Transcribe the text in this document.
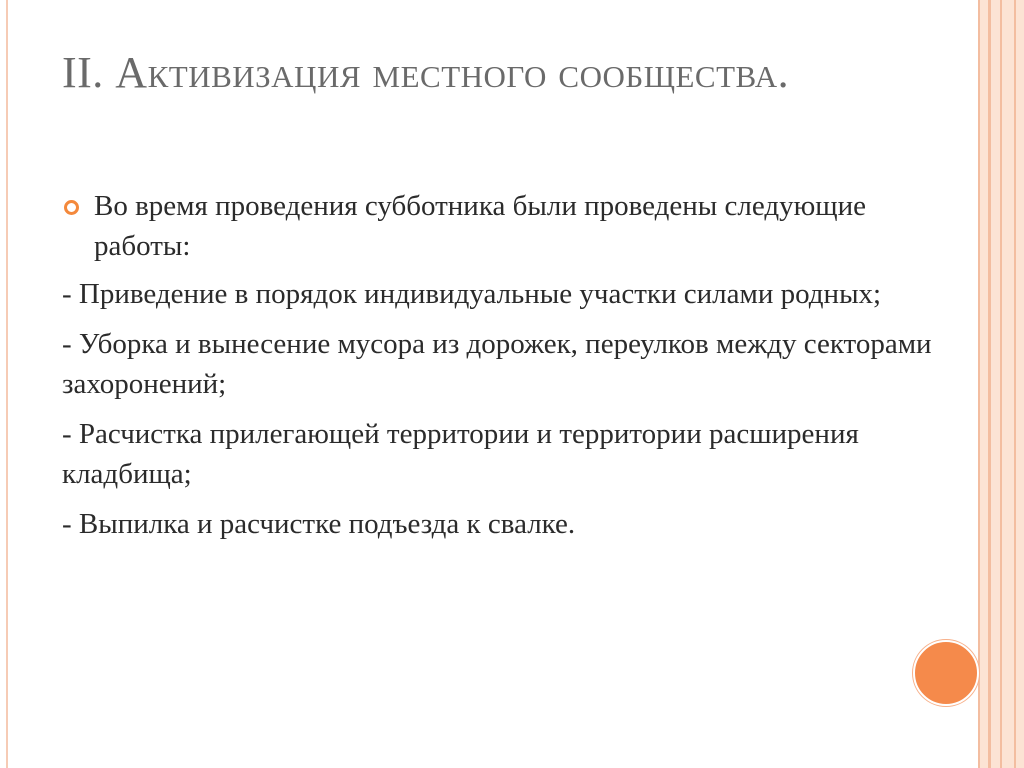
II. Активизация местного сообщества.
Во время проведения субботника были проведены следующие работы:
- Приведение в порядок индивидуальные участки силами родных;
- Уборка и вынесение мусора из дорожек, переулков между секторами захоронений;
- Расчистка прилегающей территории и территории расширения кладбища;
- Выпилка и расчистке подъезда к свалке.
